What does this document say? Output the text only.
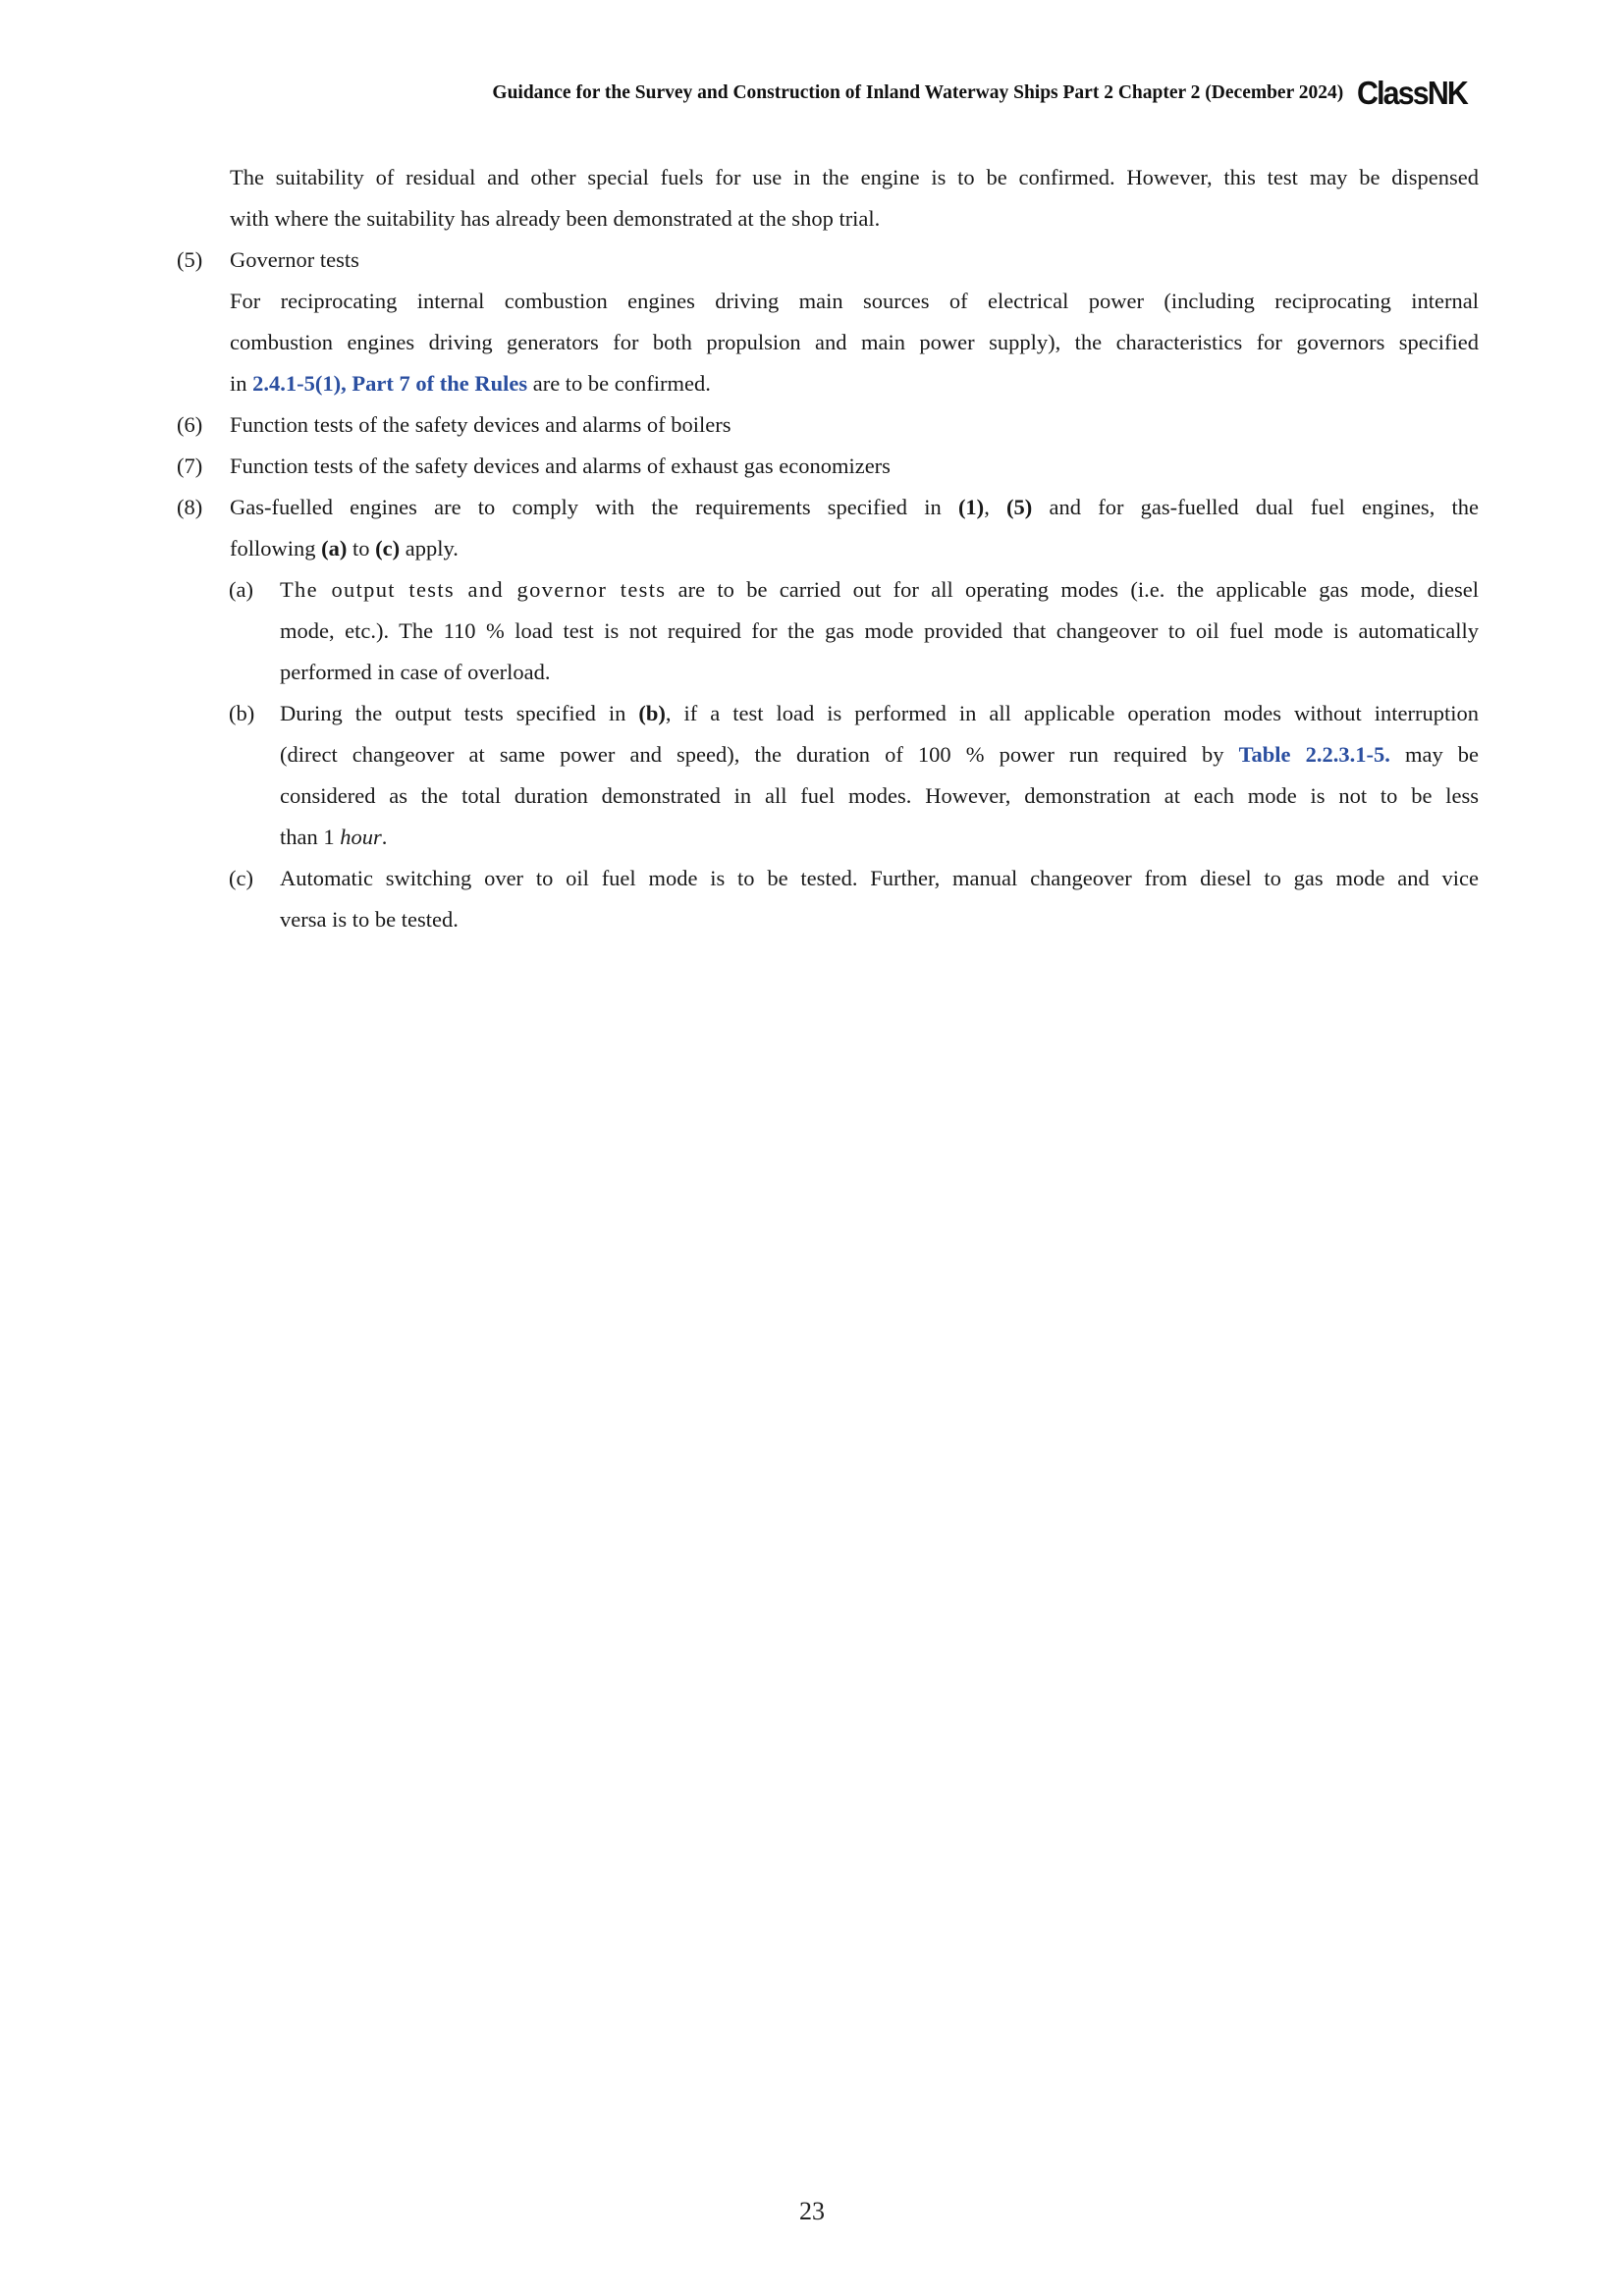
Guidance for the Survey and Construction of Inland Waterway Ships Part 2 Chapter 2 (December 2024) ClassNK
The suitability of residual and other special fuels for use in the engine is to be confirmed. However, this test may be dispensed
with where the suitability has already been demonstrated at the shop trial.
(5) Governor tests
For reciprocating internal combustion engines driving main sources of electrical power (including reciprocating internal
combustion engines driving generators for both propulsion and main power supply), the characteristics for governors specified
in 2.4.1-5(1), Part 7 of the Rules are to be confirmed.
(6) Function tests of the safety devices and alarms of boilers
(7) Function tests of the safety devices and alarms of exhaust gas economizers
(8) Gas-fuelled engines are to comply with the requirements specified in (1), (5) and for gas-fuelled dual fuel engines, the
following (a) to (c) apply.
(a) The output tests and governor tests are to be carried out for all operating modes (i.e. the applicable gas mode, diesel
mode, etc.). The 110 % load test is not required for the gas mode provided that changeover to oil fuel mode is automatically
performed in case of overload.
(b) During the output tests specified in (b), if a test load is performed in all applicable operation modes without interruption
(direct changeover at same power and speed), the duration of 100 % power run required by Table 2.2.3.1-5. may be
considered as the total duration demonstrated in all fuel modes. However, demonstration at each mode is not to be less
than 1 hour.
(c) Automatic switching over to oil fuel mode is to be tested. Further, manual changeover from diesel to gas mode and vice
versa is to be tested.
23
